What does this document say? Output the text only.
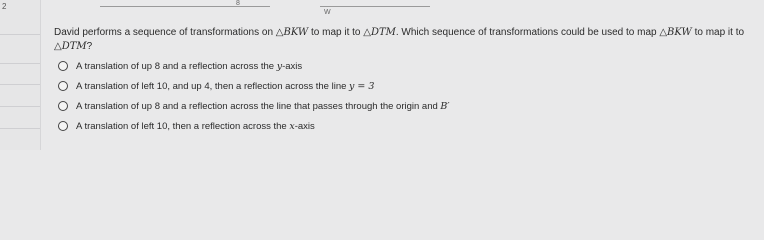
2	8
W
David performs a sequence of transformations on △BKW to map it to △DTM. Which sequence of transformations could be used to map △BKW to map it to
△DTM?
A translation of up 8 and a reflection across the y-axis
A translation of left 10, and up 4, then a reflection across the line y = 3
A translation of up 8 and a reflection across the line that passes through the origin and B′
A translation of left 10, then a reflection across the x-axis
